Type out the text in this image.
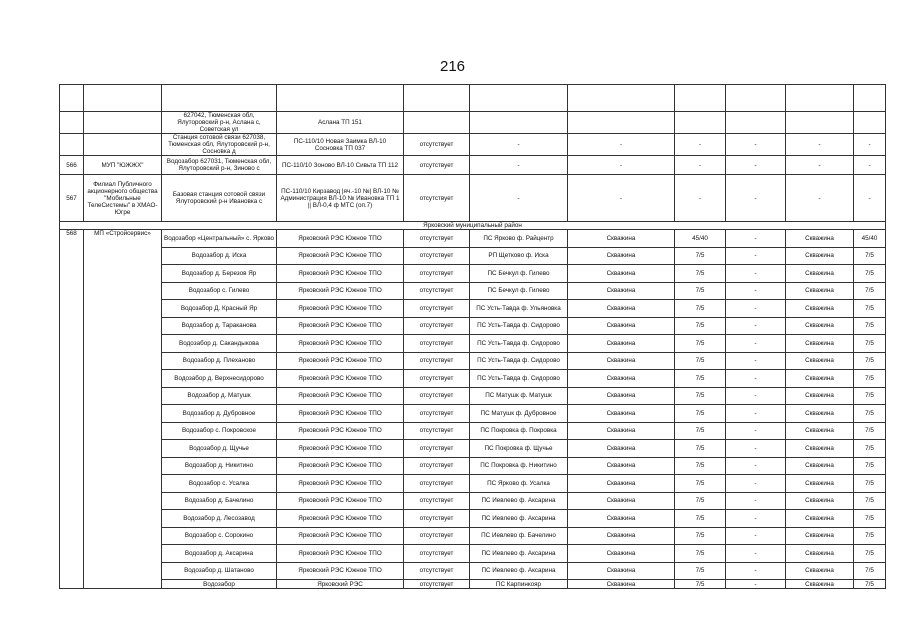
216

		627042, Тюменская обл, Ялуторовский р-н, Асланa с, Советская ул	Асланa ТП 151							
		Станция сотовой связи 627038, Тюменская обл, Ялуторовский р-н, Сосновка д	ПС-110/10 Новая Заимка ВЛ-10 Сосновка ТП 037	отсутствует	-	-	-	-	-	-
566	МУП "ЮЖЖХ"	Водозабор 627031, Тюменская обл, Ялуторовский р-н, Зиново с	ПС-110/10 Зоново ВЛ-10 Сивьта ТП 112	отсутствует	-	-	-	-	-	-
567	Филиал Публичного акционерного общества "Мобильные ТелеСистемы" в ХМАО-Югре	Базовая станция сотовой связи Ялуторовский р-н Ивановка с	ПС-110/10 Кирзавод |яч.-10 №| ВЛ-10 № Администрация ВЛ-10 № Ивановка ТП 1 || ВЛ-0,4 ф МТС (оп.7)	отсутствует	-	-	-	-	-	-
Ярковский муниципальный район										
568	МП «Стройсервис»	Водозабор «Центральный» с. Ярково	Ярковский РЭС Южное ТПО	отсутствует	ПС Ярково ф. Райцентр	Скважина	45/40	-	Скважина	45/40
		Водозабор д. Иска	Ярковский РЭС Южное ТПО	отсутствует	РП Щетково ф. Иска	Скважина	7/5	-	Скважина	7/5
		Водозабор д. Березов Яр	Ярковский РЭС Южное ТПО	отсутствует	ПС Бечкул ф. Гилево	Скважина	7/5	-	Скважина	7/5
		Водозабор с. Гилево	Ярковский РЭС Южное ТПО	отсутствует	ПС Бечкул ф. Гилево	Скважина	7/5	-	Скважина	7/5
		Водозабор Д. Красный Яр	Ярковский РЭС Южное ТПО	отсутствует	ПС Усть-Тавда ф. Ульяновка	Скважина	7/5	-	Скважина	7/5
		Водозабор д. Тараканова	Ярковский РЭС Южное ТПО	отсутствует	ПС Усть-Тавда ф. Сидорово	Скважина	7/5	-	Скважина	7/5
		Водозабор д. Сакандыкова	Ярковский РЭС Южное ТПО	отсутствует	ПС Усть-Тавда ф. Сидорово	Скважина	7/5	-	Скважина	7/5
		Водозабор д. Плеханово	Ярковский РЭС Южное ТПО	отсутствует	ПС Усть-Тавда ф. Сидорово	Скважина	7/5	-	Скважина	7/5
		Водозабор д. Верхнесидорово	Ярковский РЭС Южное ТПО	отсутствует	ПС Усть-Тавда ф. Сидорово	Скважина	7/5	-	Скважина	7/5
		Водозабор д. Матушк	Ярковский РЭС Южное ТПО	отсутствует	ПС Матушк ф. Матушк	Скважина	7/5	-	Скважина	7/5
		Водозабор д. Дубровное	Ярковский РЭС Южное ТПО	отсутствует	ПС Матушк ф. Дубровное	Скважина	7/5	-	Скважина	7/5
		Водозабор с. Покровское	Ярковский РЭС Южное ТПО	отсутствует	ПС Покровка ф. Покровка	Скважина	7/5	-	Скважина	7/5
		Водозабор д. Щучье	Ярковский РЭС Южное ТПО	отсутствует	ПС Покровка ф. Щучье	Скважина	7/5	-	Скважина	7/5
		Водозабор д. Никитино	Ярковский РЭС Южное ТПО	отсутствует	ПС Покровка ф. Никитино	Скважина	7/5	-	Скважина	7/5
		Водозабор с. Усалка	Ярковский РЭС Южное ТПО	отсутствует	ПС Ярково ф. Усалка	Скважина	7/5	-	Скважина	7/5
		Водозабор д. Бачелино	Ярковский РЭС Южное ТПО	отсутствует	ПС Иевлево ф. Аксарина	Скважина	7/5	-	Скважина	7/5
		Водозабор д. Лесозавод	Ярковский РЭС Южное ТПО	отсутствует	ПС Иевлево ф. Аксарина	Скважина	7/5	-	Скважина	7/5
		Водозабор с. Сорокино	Ярковский РЭС Южное ТПО	отсутствует	ПС Иевлево ф. Бачелино	Скважина	7/5	-	Скважина	7/5
		Водозабор д. Аксарина	Ярковский РЭС Южное ТПО	отсутствует	ПС Иевлево ф. Аксарина	Скважина	7/5	-	Скважина	7/5
		Водозабор д. Шатаново	Ярковский РЭС Южное ТПО	отсутствует	ПС Иевлево ф. Аксарина	Скважина	7/5	-	Скважина	7/5
		Водозабор	Ярковский РЭС	отсутствует	ПС Карпинкояр	Скважина	7/5	-	Скважина	7/5
